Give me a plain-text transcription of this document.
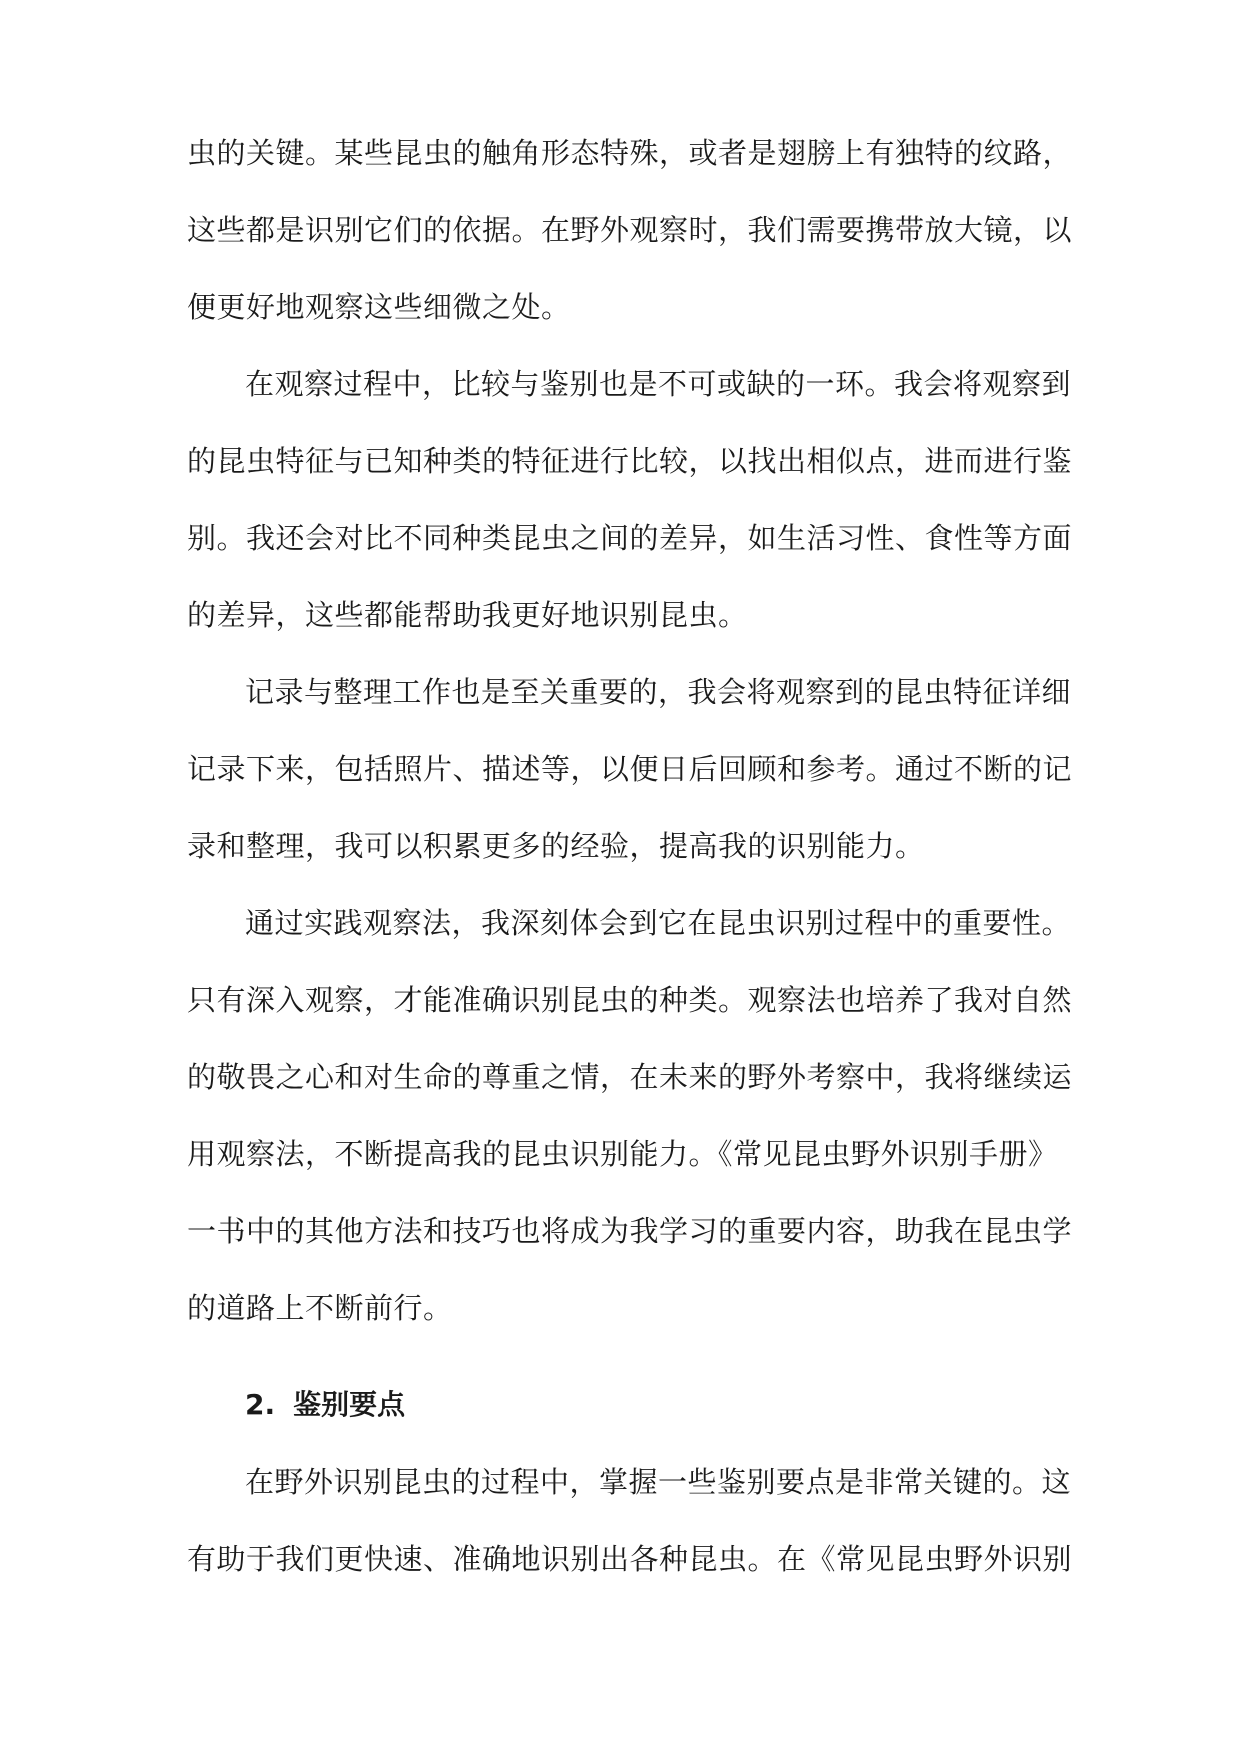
虫的关键。某些昆虫的触角形态特殊，或者是翅膀上有独特的纹路，
这些都是识别它们的依据。在野外观察时，我们需要携带放大镜，以
便更好地观察这些细微之处。
在观察过程中，比较与鉴别也是不可或缺的一环。我会将观察到
的昆虫特征与已知种类的特征进行比较，以找出相似点，进而进行鉴
别。我还会对比不同种类昆虫之间的差异，如生活习性、食性等方面
的差异，这些都能帮助我更好地识别昆虫。
记录与整理工作也是至关重要的，我会将观察到的昆虫特征详细
记录下来，包括照片、描述等，以便日后回顾和参考。通过不断的记
录和整理，我可以积累更多的经验，提高我的识别能力。
通过实践观察法，我深刻体会到它在昆虫识别过程中的重要性。
只有深入观察，才能准确识别昆虫的种类。观察法也培养了我对自然
的敬畏之心和对生命的尊重之情，在未来的野外考察中，我将继续运
用观察法，不断提高我的昆虫识别能力。《常见昆虫野外识别手册》
一书中的其他方法和技巧也将成为我学习的重要内容，助我在昆虫学
的道路上不断前行。
2. 鉴别要点
在野外识别昆虫的过程中，掌握一些鉴别要点是非常关键的。这
有助于我们更快速、准确地识别出各种昆虫。在《常见昆虫野外识别
